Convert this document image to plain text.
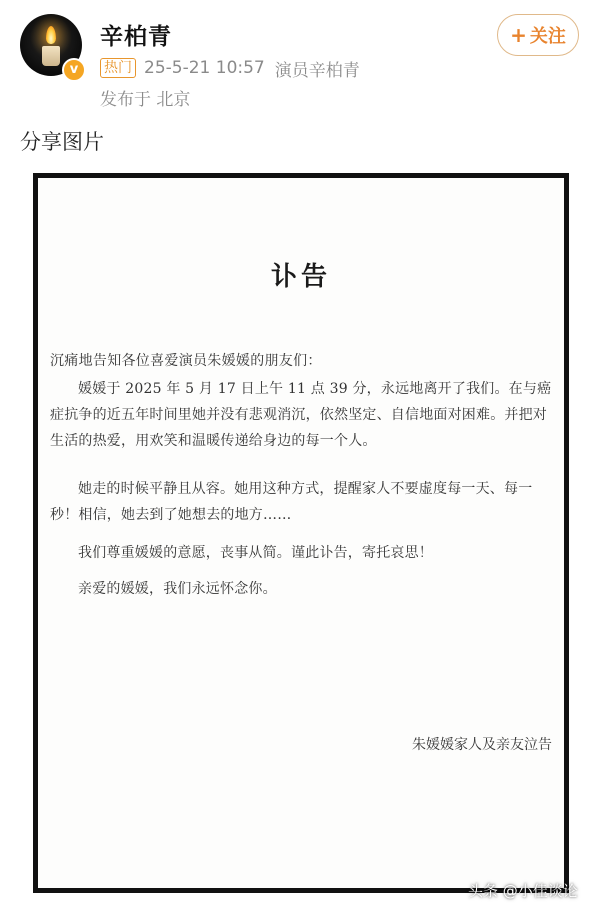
v
辛柏青
热门 25-5-21 10:57 演员辛柏青
发布于 北京
+ 关注
分享图片
讣告
沉痛地告知各位喜爱演员朱媛媛的朋友们：
媛媛于 2025 年 5 月 17 日上午 11 点 39 分，永远地离开了我们。在与癌症抗争的近五年时间里她并没有悲观消沉，依然坚定、自信地面对困难。并把对生活的热爱，用欢笑和温暖传递给身边的每一个人。
她走的时候平静且从容。她用这种方式，提醒家人不要虚度每一天、每一秒！相信，她去到了她想去的地方……
我们尊重媛媛的意愿，丧事从简。谨此讣告，寄托哀思！
亲爱的媛媛，我们永远怀念你。
朱媛媛家人及亲友泣告
头条 @小佳谈论
